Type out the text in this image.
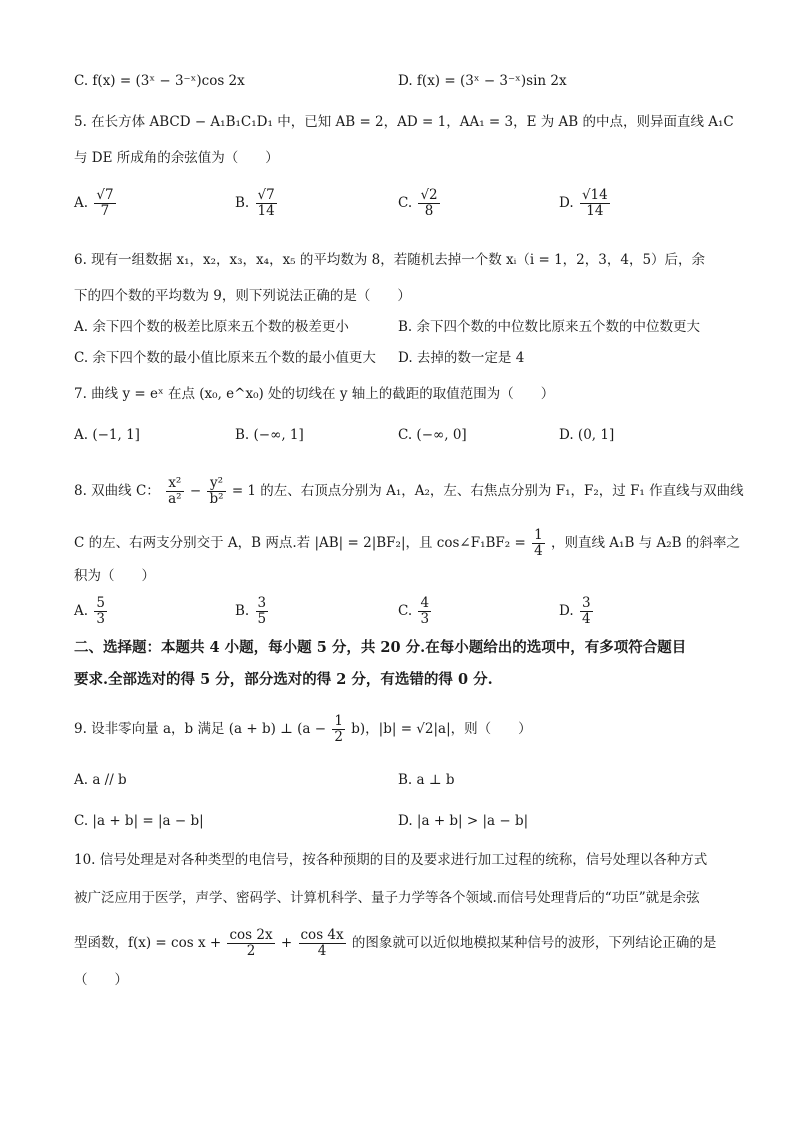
C. f(x) = (3ˣ − 3⁻ˣ)cos 2x	D. f(x) = (3ˣ − 3⁻ˣ)sin 2x
5. 在长方体 ABCD − A₁B₁C₁D₁ 中，已知 AB = 2，AD = 1，AA₁ = 3，E 为 AB 的中点，则异面直线 A₁C
与 DE 所成角的余弦值为（　　）
A. $\frac{√7}{7}$	B. $\frac{√7}{14}$	C. $\frac{√2}{8}$	D. $\frac{√14}{14}$
6. 现有一组数据 x₁，x₂，x₃，x₄，x₅ 的平均数为 8，若随机去掉一个数 xᵢ（i = 1，2，3，4，5）后，余
下的四个数的平均数为 9，则下列说法正确的是（　　）
A. 余下四个数的极差比原来五个数的极差更小	B. 余下四个数的中位数比原来五个数的中位数更大
C. 余下四个数的最小值比原来五个数的最小值更大 D. 去掉的数一定是 4
7. 曲线 y = eˣ 在点 (x₀, e^x₀) 处的切线在 y 轴上的截距的取值范围为（　　）
A. (−1, 1]	B. (−∞, 1]	C. (−∞, 0]	D. (0, 1]
8. 双曲线 C： $\frac{\text{x²}}{\text{a²}} - \frac{\text{y²}}{\text{b²}} = 1$ 的左、右顶点分别为 A₁，A₂，左、右焦点分别为 F₁，F₂，过 F₁ 作直线与双曲线
C 的左、右两支分别交于 A，B 两点.若 |AB| = 2|BF₂|，且 cos∠F₁BF₂ = $\frac{1}{4}$ ，则直线 A₁B 与 A₂B 的斜率之
积为（　　）
A. $\frac{5}{3}$	B. $\frac{3}{5}$	C. $\frac{4}{3}$	D. $\frac{3}{4}$
二、选择题：本题共 4 小题，每小题 5 分，共 20 分.在每小题给出的选项中，有多项符合题目
要求.全部选对的得 5 分，部分选对的得 2 分，有选错的得 0 分.
9. 设非零向量 a，b 满足 (a + b) ⊥ $(a - \frac{1}{2} b)$，|b| = √2|a|，则（　　）
A. a // b	B. a ⊥ b
C. |a + b| = |a − b|	D. |a + b| > |a − b|
10. 信号处理是对各种类型的电信号，按各种预期的目的及要求进行加工过程的统称，信号处理以各种方式
被广泛应用于医学，声学、密码学、计算机科学、量子力学等各个领域.而信号处理背后的“功臣”就是余弦
型函数，$f(x) = \cos x + \frac{\cos 2x}{2} + \frac{\cos 4x}{4}$ 的图象就可以近似地模拟某种信号的波形，下列结论正确的是
（　　）
